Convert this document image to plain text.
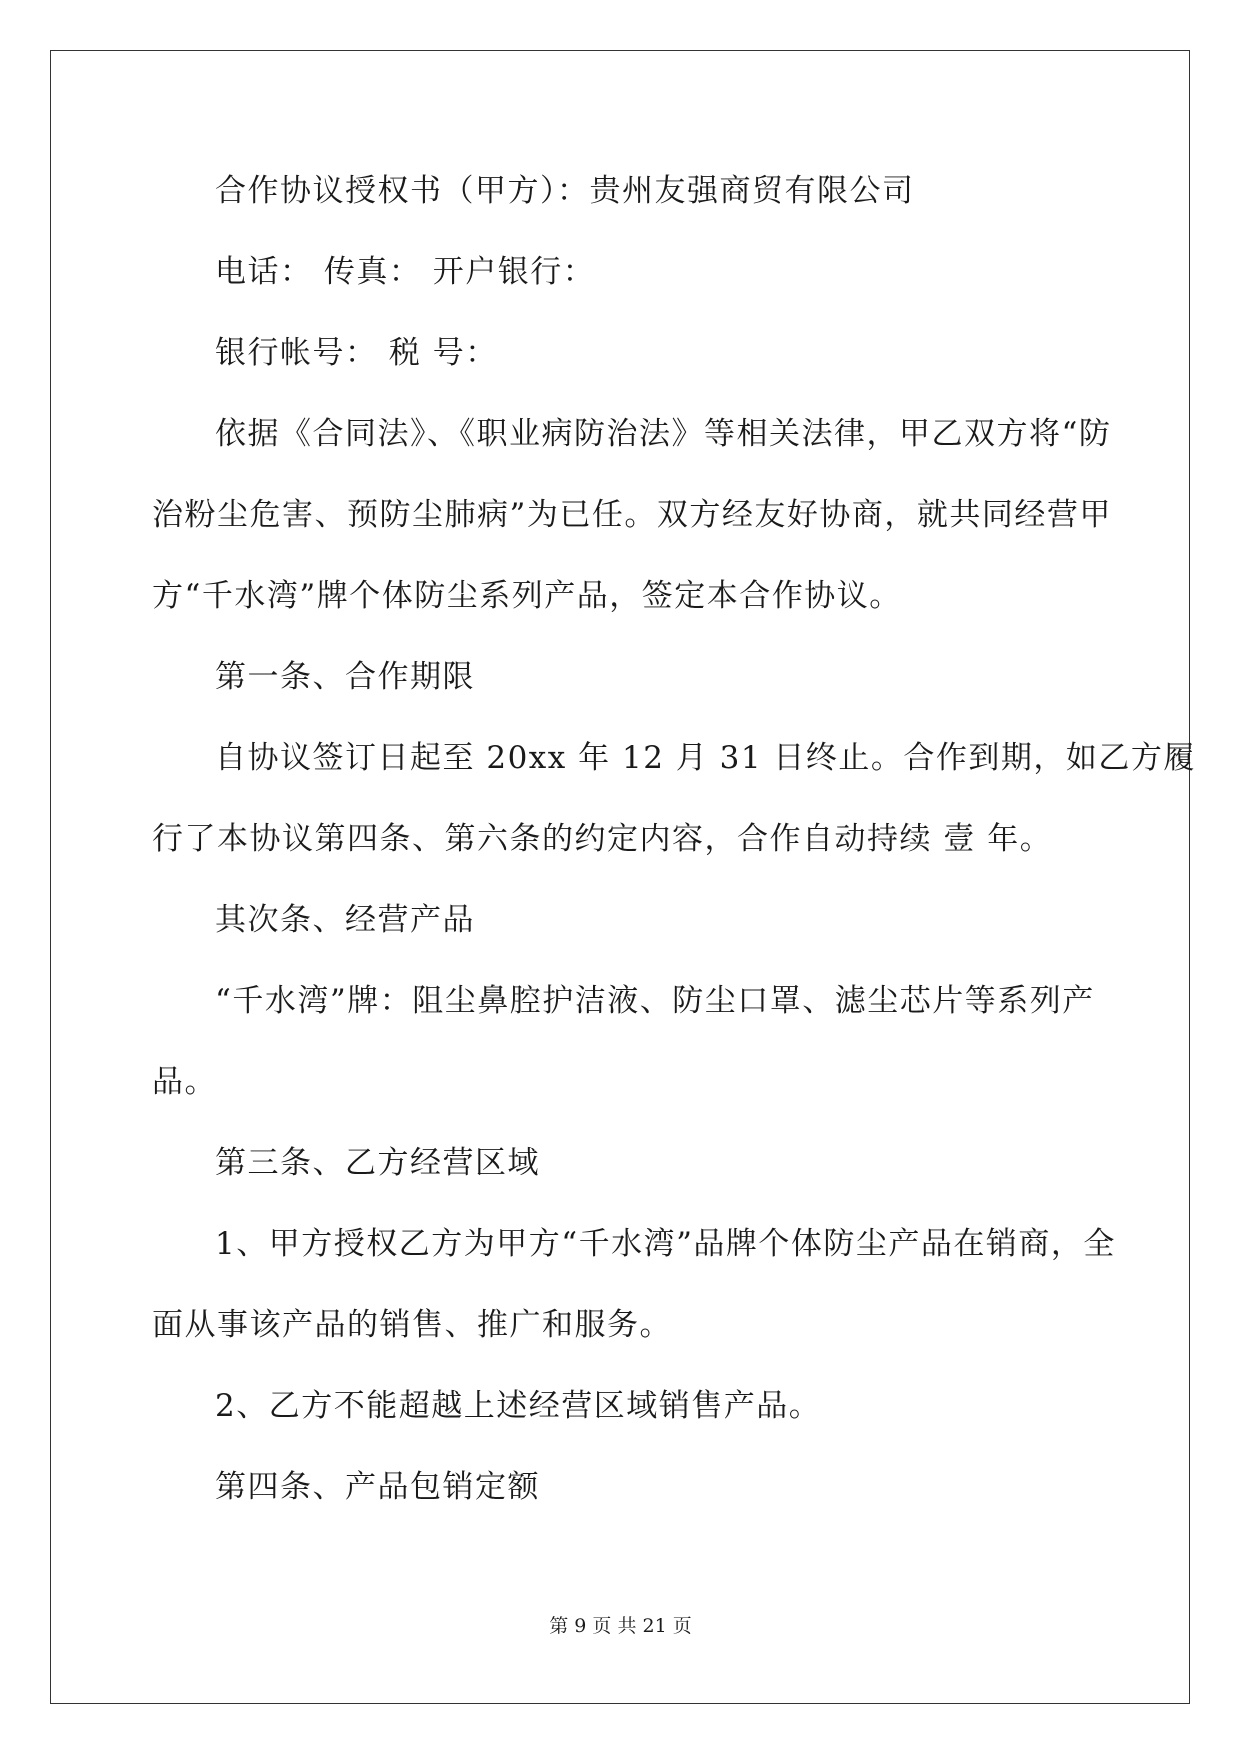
合作协议授权书（甲方）：贵州友强商贸有限公司
电话： 传真： 开户银行：
银行帐号： 税 号：
依据《合同法》、《职业病防治法》等相关法律，甲乙双方将“防
治粉尘危害、预防尘肺病”为已任。双方经友好协商，就共同经营甲
方“千水湾”牌个体防尘系列产品，签定本合作协议。
第一条、合作期限
自协议签订日起至 20xx 年 12 月 31 日终止。合作到期，如乙方履
行了本协议第四条、第六条的约定内容，合作自动持续 壹 年。
其次条、经营产品
“千水湾”牌：阻尘鼻腔护洁液、防尘口罩、滤尘芯片等系列产
品。
第三条、乙方经营区域
1、甲方授权乙方为甲方“千水湾”品牌个体防尘产品在销商，全
面从事该产品的销售、推广和服务。
2、乙方不能超越上述经营区域销售产品。
第四条、产品包销定额
第 9 页 共 21 页
